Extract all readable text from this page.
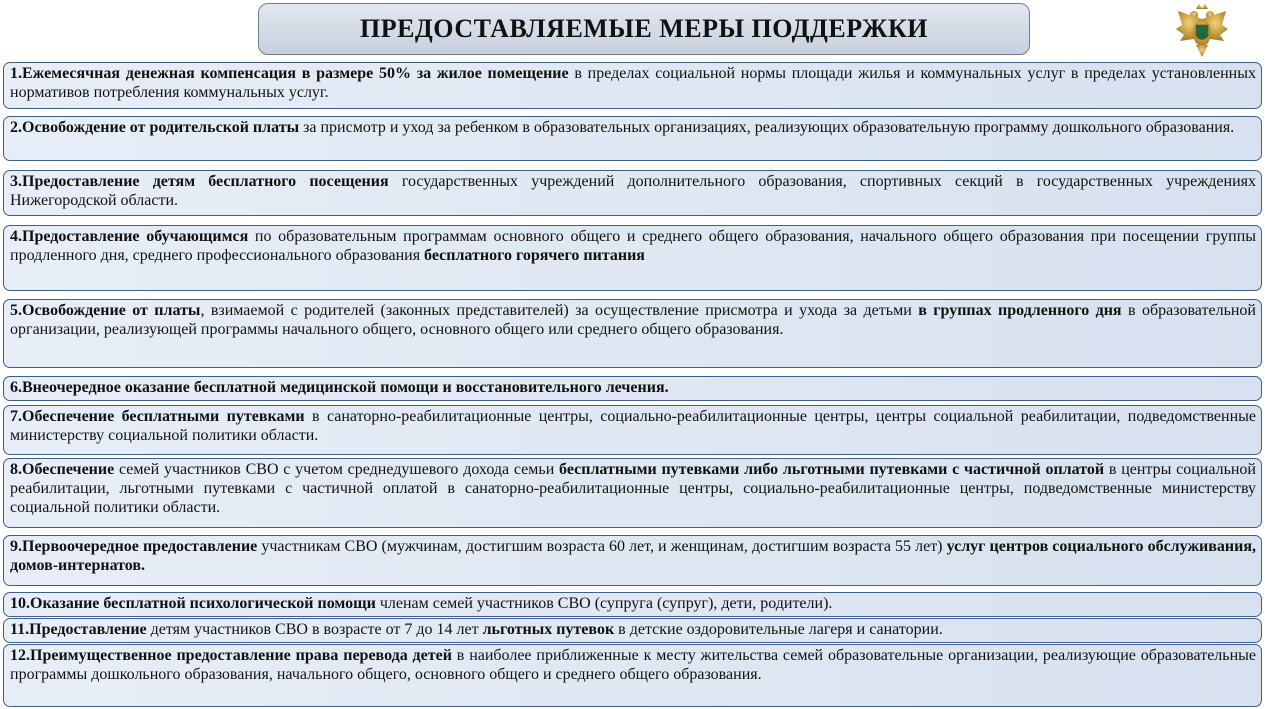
ПРЕДОСТАВЛЯЕМЫЕ МЕРЫ ПОДДЕРЖКИ
1.Ежемесячная денежная компенсация в размере 50% за жилое помещение в пределах социальной нормы площади жилья и коммунальных услуг в пределах установленных нормативов потребления коммунальных услуг.
2.Освобождение от родительской платы за присмотр и уход за ребенком в образовательных организациях, реализующих образовательную программу дошкольного образования.
3.Предоставление детям бесплатного посещения государственных учреждений дополнительного образования, спортивных секций в государственных учреждениях Нижегородской области.
4.Предоставление обучающимся по образовательным программам основного общего и среднего общего образования, начального общего образования при посещении группы продленного дня, среднего профессионального образования бесплатного горячего питания
5.Освобождение от платы, взимаемой с родителей (законных представителей) за осуществление присмотра и ухода за детьми в группах продленного дня в образовательной организации, реализующей программы начального общего, основного общего или среднего общего образования.
6.Внеочередное оказание бесплатной медицинской помощи и восстановительного лечения.
7.Обеспечение бесплатными путевками в санаторно-реабилитационные центры, социально-реабилитационные центры, центры социальной реабилитации, подведомственные министерству социальной политики области.
8.Обеспечение семей участников СВО с учетом среднедушевого дохода семьи бесплатными путевками либо льготными путевками с частичной оплатой в центры социальной реабилитации, льготными путевками с частичной оплатой в санаторно-реабилитационные центры, социально-реабилитационные центры, подведомственные министерству социальной политики области.
9.Первоочередное предоставление участникам СВО (мужчинам, достигшим возраста 60 лет, и женщинам, достигшим возраста 55 лет) услуг центров социального обслуживания, домов-интернатов.
10.Оказание бесплатной психологической помощи членам семей участников СВО (супруга (супруг), дети, родители).
11.Предоставление детям участников СВО в возрасте от 7 до 14 лет льготных путевок в детские оздоровительные лагеря и санатории.
12.Преимущественное предоставление права перевода детей в наиболее приближенные к месту жительства семей образовательные организации, реализующие образовательные программы дошкольного образования, начального общего, основного общего и среднего общего образования.
